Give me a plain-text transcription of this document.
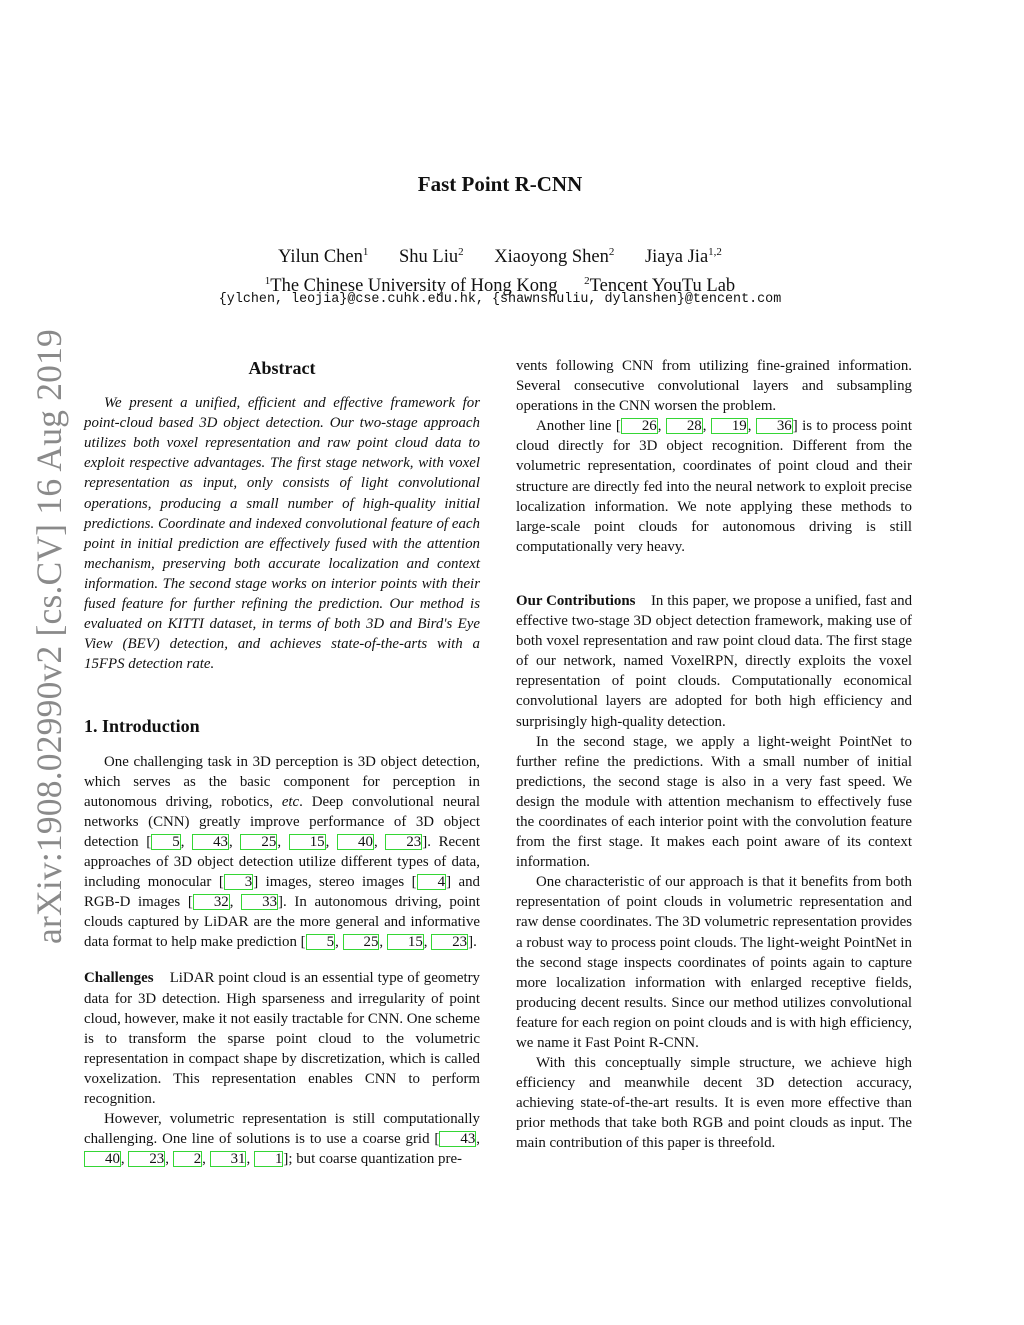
arXiv:1908.02990v2 [cs.CV] 16 Aug 2019
Fast Point R-CNN
Yilun Chen$^1$ Shu Liu$^2$ Xiaoyong Shen$^2$ Jiaya Jia$^{1,2}$
$^1$The Chinese University of Hong Kong $^2$Tencent YouTu Lab
{ylchen, leojia}@cse.cuhk.edu.hk, {shawnshuliu, dylanshen}@tencent.com
Abstract

We present a unified, efficient and effective framework for point-cloud based 3D object detection. Our two-stage approach utilizes both voxel representation and raw point cloud data to exploit respective advantages. The first stage network, with voxel representation as input, only consists of light convolutional operations, producing a small number of high-quality initial predictions. Coordinate and indexed convolutional feature of each point in initial prediction are effectively fused with the attention mechanism, preserving both accurate localization and context information. The second stage works on interior points with their fused feature for further refining the prediction. Our method is evaluated on KITTI dataset, in terms of both 3D and Bird's Eye View (BEV) detection, and achieves state-of-the-arts with a 15FPS detection rate.

1. Introduction

One challenging task in 3D perception is 3D object detection, which serves as the basic component for perception in autonomous driving, robotics, etc. Deep convolutional neural networks (CNN) greatly improve performance of 3D object detection [ 5, 43, 25, 15, 40, 23]. Recent approaches of 3D object detection utilize different types of data, including monocular [ 3] images, stereo images [ 4] and RGB-D images [ 32, 33]. In autonomous driving, point clouds captured by LiDAR are the more general and informative data format to help make prediction [ 5, 25, 15, 23].

Challenges LiDAR point cloud is an essential type of geometry data for 3D detection. High sparseness and irregularity of point cloud, however, make it not easily tractable for CNN. One scheme is to transform the sparse point cloud to the volumetric representation in compact shape by discretization, which is called voxelization. This representation enables CNN to perform recognition.

However, volumetric representation is still computationally challenging. One line of solutions is to use a coarse grid [ 43, 40, 23, 2, 31, 1]; but coarse quantization pre-

vents following CNN from utilizing fine-grained information. Several consecutive convolutional layers and subsampling operations in the CNN worsen the problem.

Another line [ 26, 28, 19, 36] is to process point cloud directly for 3D object recognition. Different from the volumetric representation, coordinates of point cloud and their structure are directly fed into the neural network to exploit precise localization information. We note applying these methods to large-scale point clouds for autonomous driving is still computationally very heavy.

Our Contributions In this paper, we propose a unified, fast and effective two-stage 3D object detection framework, making use of both voxel representation and raw point cloud data. The first stage of our network, named VoxelRPN, directly exploits the voxel representation of point clouds. Computationally economical convolutional layers are adopted for both high efficiency and surprisingly high-quality detection.

In the second stage, we apply a light-weight PointNet to further refine the predictions. With a small number of initial predictions, the second stage is also in a very fast speed. We design the module with attention mechanism to effectively fuse the coordinates of each interior point with the convolution feature from the first stage. It makes each point aware of its context information.

One characteristic of our approach is that it benefits from both representation of point clouds in volumetric representation and raw dense coordinates. The 3D volumetric representation provides a robust way to process point clouds. The light-weight PointNet in the second stage inspects coordinates of points again to capture more localization information with enlarged receptive fields, producing decent results. Since our method utilizes convolutional feature for each region on point clouds and is with high efficiency, we name it Fast Point R-CNN.

With this conceptually simple structure, we achieve high efficiency and meanwhile decent 3D detection accuracy, achieving state-of-the-art results. It is even more effective than prior methods that take both RGB and point clouds as input. The main contribution of this paper is threefold.
